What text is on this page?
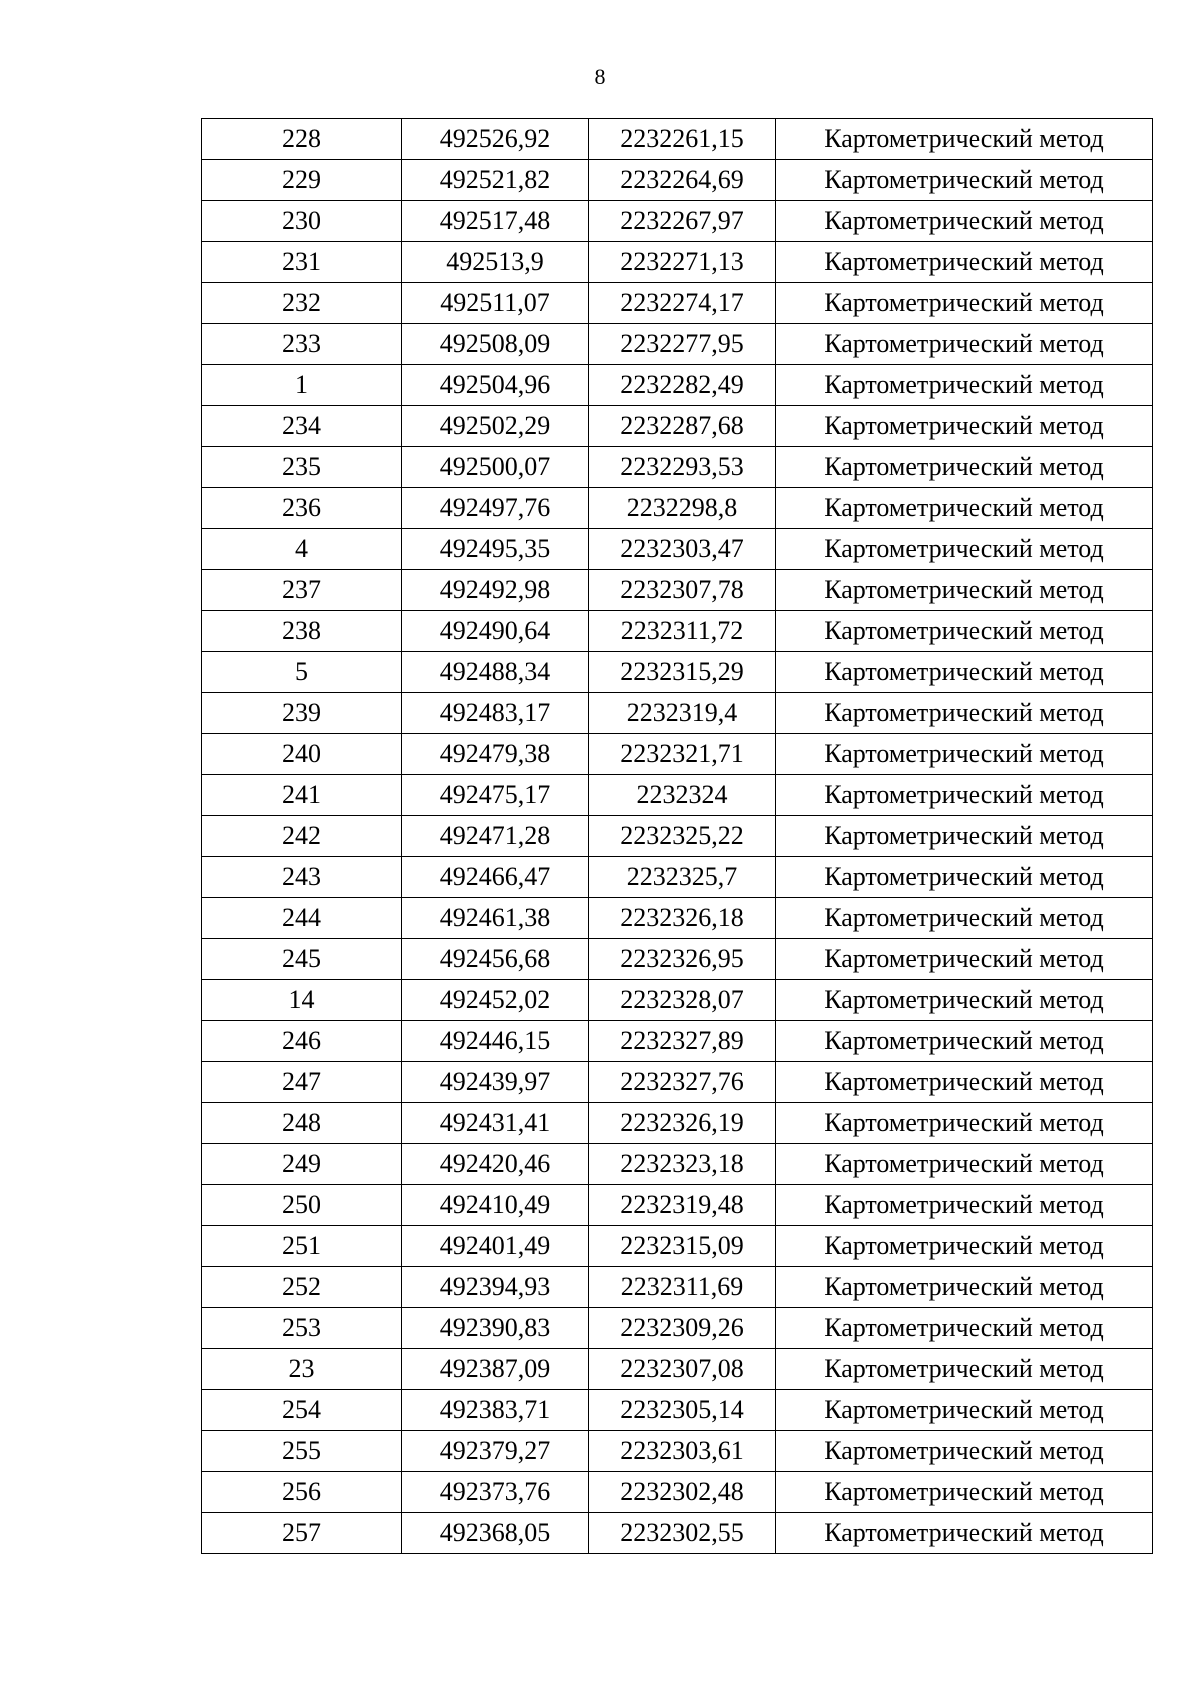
8
228	492526,92	2232261,15	Картометрический метод
229	492521,82	2232264,69	Картометрический метод
230	492517,48	2232267,97	Картометрический метод
231	492513,9	2232271,13	Картометрический метод
232	492511,07	2232274,17	Картометрический метод
233	492508,09	2232277,95	Картометрический метод
1	492504,96	2232282,49	Картометрический метод
234	492502,29	2232287,68	Картометрический метод
235	492500,07	2232293,53	Картометрический метод
236	492497,76	2232298,8	Картометрический метод
4	492495,35	2232303,47	Картометрический метод
237	492492,98	2232307,78	Картометрический метод
238	492490,64	2232311,72	Картометрический метод
5	492488,34	2232315,29	Картометрический метод
239	492483,17	2232319,4	Картометрический метод
240	492479,38	2232321,71	Картометрический метод
241	492475,17	2232324	Картометрический метод
242	492471,28	2232325,22	Картометрический метод
243	492466,47	2232325,7	Картометрический метод
244	492461,38	2232326,18	Картометрический метод
245	492456,68	2232326,95	Картометрический метод
14	492452,02	2232328,07	Картометрический метод
246	492446,15	2232327,89	Картометрический метод
247	492439,97	2232327,76	Картометрический метод
248	492431,41	2232326,19	Картометрический метод
249	492420,46	2232323,18	Картометрический метод
250	492410,49	2232319,48	Картометрический метод
251	492401,49	2232315,09	Картометрический метод
252	492394,93	2232311,69	Картометрический метод
253	492390,83	2232309,26	Картометрический метод
23	492387,09	2232307,08	Картометрический метод
254	492383,71	2232305,14	Картометрический метод
255	492379,27	2232303,61	Картометрический метод
256	492373,76	2232302,48	Картометрический метод
257	492368,05	2232302,55	Картометрический метод
